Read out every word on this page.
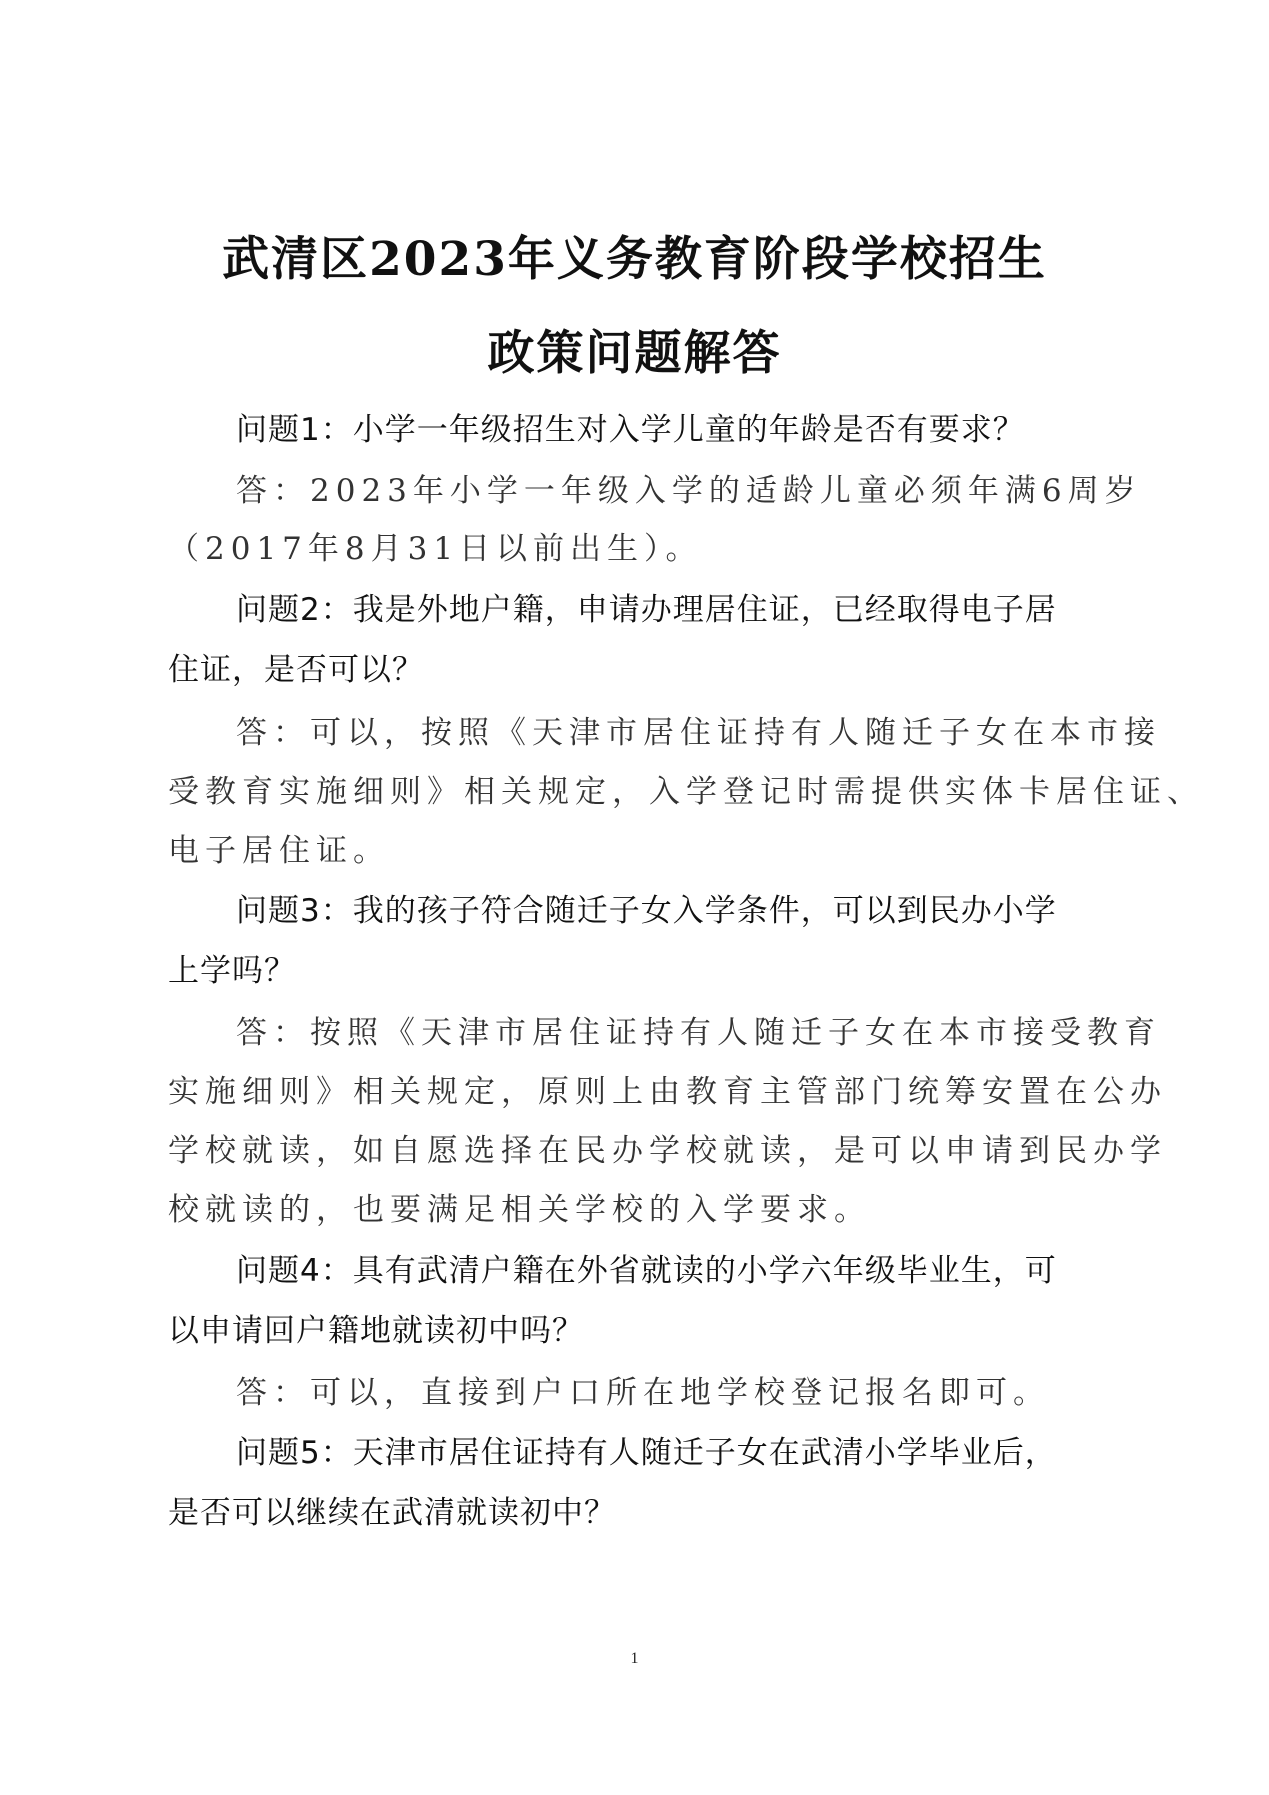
武清区2023年义务教育阶段学校招生
政策问题解答
问题1：小学一年级招生对入学儿童的年龄是否有要求？
答：2023年小学一年级入学的适龄儿童必须年满6周岁
（2017年8月31日以前出生）。
问题2：我是外地户籍，申请办理居住证，已经取得电子居
住证，是否可以？
答：可以，按照《天津市居住证持有人随迁子女在本市接
受教育实施细则》相关规定，入学登记时需提供实体卡居住证、
电子居住证。
问题3：我的孩子符合随迁子女入学条件，可以到民办小学
上学吗？
答：按照《天津市居住证持有人随迁子女在本市接受教育
实施细则》相关规定，原则上由教育主管部门统筹安置在公办
学校就读，如自愿选择在民办学校就读，是可以申请到民办学
校就读的，也要满足相关学校的入学要求。
问题4：具有武清户籍在外省就读的小学六年级毕业生，可
以申请回户籍地就读初中吗？
答：可以，直接到户口所在地学校登记报名即可。
问题5：天津市居住证持有人随迁子女在武清小学毕业后，
是否可以继续在武清就读初中？
1
